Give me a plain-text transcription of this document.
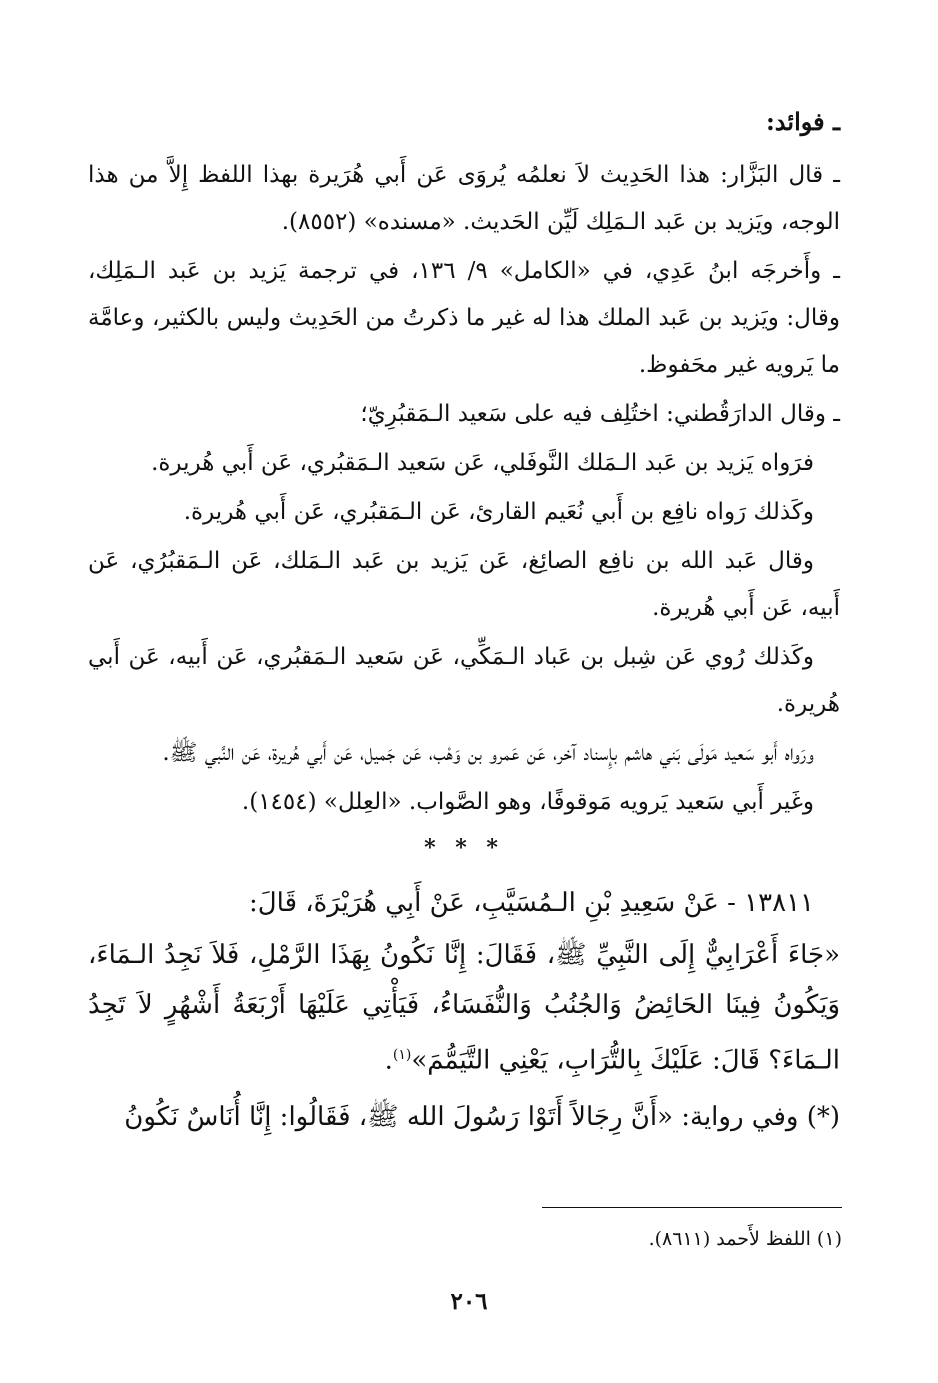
ـ فوائد:

ـ قال البَزَّار: هذا الحَدِيث لاَ نعلمُه يُروَى عَن أَبي هُرَيرة بهذا اللفظ إِلاَّ من هذا الوجه، ويَزيد بن عَبد الـمَلِك لَيِّن الحَديث. «مسنده» (٨٥٥٢).

ـ وأَخرجَه ابنُ عَدِي، في «الكامل» ٩/ ١٣٦، في ترجمة يَزيد بن عَبد الـمَلِك، وقال: ويَزيد بن عَبد الملك هذا له غير ما ذكرتُ من الحَدِيث وليس بالكثير، وعامَّة ما يَرويه غير محَفوظ.

ـ وقال الدارَقُطني: اختُلِف فيه على سَعيد الـمَقبُرِيّ؛

فرَواه يَزيد بن عَبد الـمَلك النَّوفَلي، عَن سَعيد الـمَقبُري، عَن أَبي هُريرة.

وكَذلك رَواه نافِع بن أَبي نُعَيم القارئ، عَن الـمَقبُري، عَن أَبي هُريرة.

وقال عَبد الله بن نافِع الصائِغ، عَن يَزيد بن عَبد الـمَلك، عَن الـمَقبُرُي، عَن أَبيه، عَن أَبي هُريرة.

وكَذلك رُوي عَن شِبل بن عَباد الـمَكِّي، عَن سَعيد الـمَقبُري، عَن أَبيه، عَن أَبي هُريرة.

ورَواه أَبو سَعيد مَولَى بَني هاشم بإِسناد آخر، عَن عَمرو بن وَهْب، عَن جَميل، عَن أَبي هُريرة، عَن النَّبي ﷺ.

وغَير أَبي سَعيد يَرويه مَوقوفًا، وهو الصَّواب. «العِلل» (١٤٥٤).

* * *

١٣٨١١ - عَنْ سَعِيدِ بْنِ الـمُسَيَّبِ، عَنْ أَبِي هُرَيْرَةَ، قَالَ:

«جَاءَ أَعْرَابِيٌّ إِلَى النَّبِيِّ ﷺ، فَقَالَ: إِنَّا نَكُونُ بِهَذَا الرَّمْلِ، فَلاَ نَجِدُ الـمَاءَ، وَيَكُونُ فِينَا الحَائِضُ وَالجُنُبُ وَالنُّفَسَاءُ، فَيَأْتِي عَلَيْهَا أَرْبَعَةُ أَشْهُرٍ لاَ تَجِدُ الـمَاءَ؟ قَالَ: عَلَيْكَ بِالتُّرَابِ، يَعْنِي التَّيَمُّمَ»$^{(١)}$.

(*) وفي رواية: «أَنَّ رِجَالاً أَتَوْا رَسُولَ الله ﷺ، فَقَالُوا: إِنَّا أُنَاسٌ نَكُونُ

(١) اللفظ لأَحمد (٨٦١١).

٢٠٦
